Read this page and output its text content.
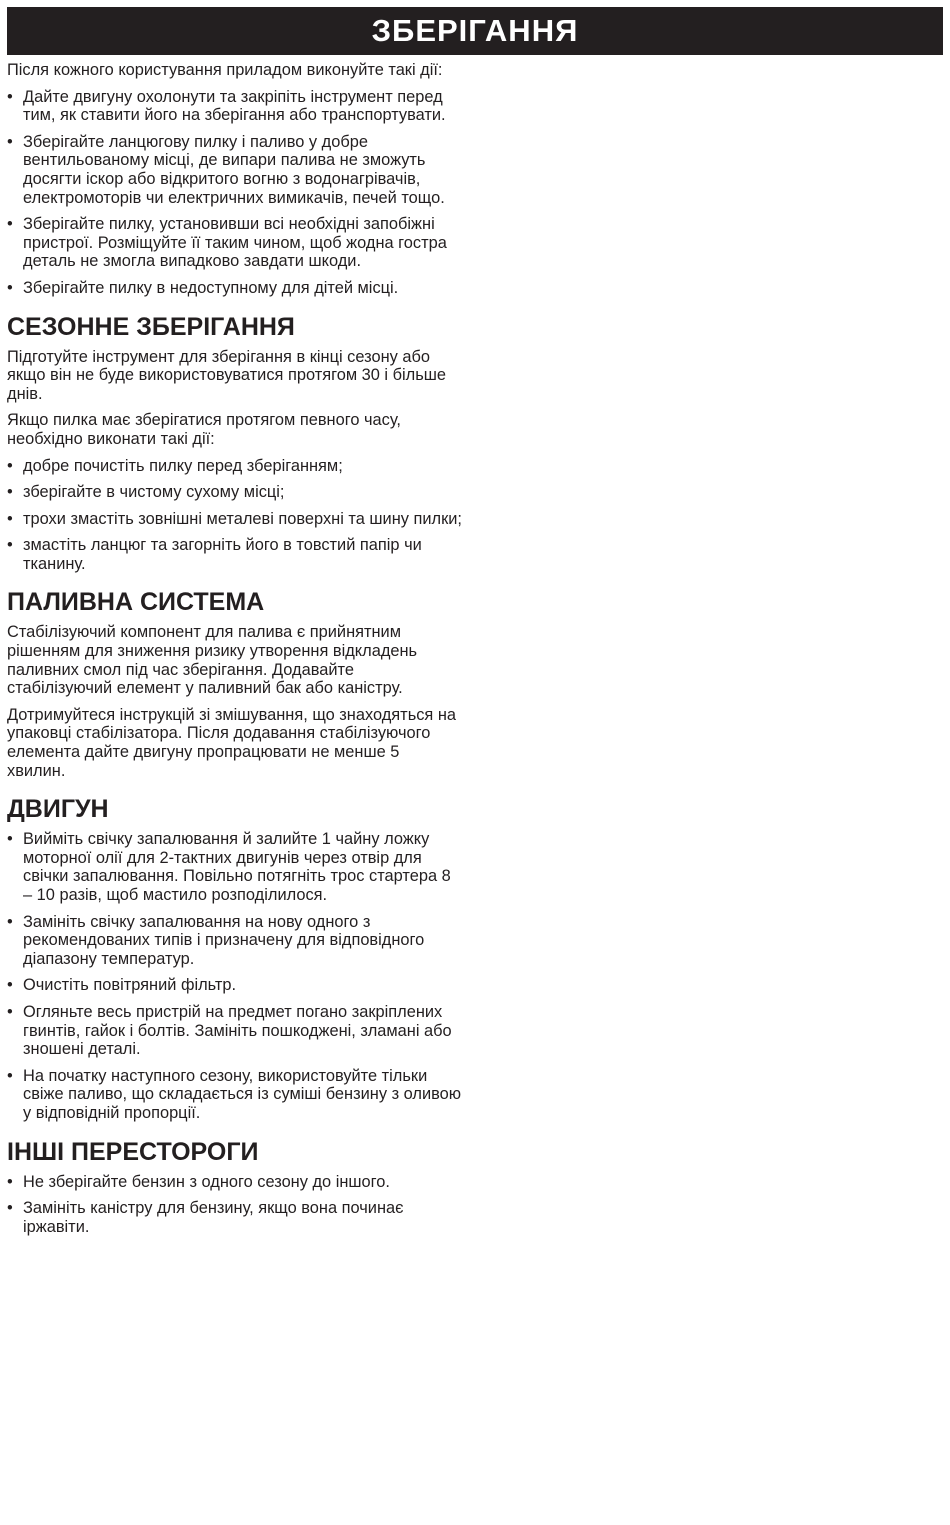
ЗБЕРІГАННЯ

Після кожного користування приладом виконуйте такі дії:

• Дайте двигуну охолонути та закріпіть інструмент перед тим, як ставити його на зберігання або транспортувати.
• Зберігайте ланцюгову пилку і паливо у добре вентильованому місці, де випари палива не зможуть досягти іскор або відкритого вогню з водонагрівачів, електромоторів чи електричних вимикачів, печей тощо.
• Зберігайте пилку, установивши всі необхідні запобіжні пристрої. Розміщуйте її таким чином, щоб жодна гостра деталь не змогла випадково завдати шкоди.
• Зберігайте пилку в недоступному для дітей місці.
СЕЗОННЕ ЗБЕРІГАННЯ

Підготуйте інструмент для зберігання в кінці сезону або якщо він не буде використовуватися протягом 30 і більше днів.

Якщо пилка має зберігатися протягом певного часу, необхідно виконати такі дії:

• добре почистіть пилку перед зберіганням;
• зберігайте в чистому сухому місці;
• трохи змастіть зовнішні металеві поверхні та шину пилки;
• змастіть ланцюг та загорніть його в товстий папір чи тканину.
ПАЛИВНА СИСТЕМА

Стабілізуючий компонент для палива є прийнятним рішенням для зниження ризику утворення відкладень паливних смол під час зберігання. Додавайте стабілізуючий елемент у паливний бак або каністру.

Дотримуйтеся інструкцій зі змішування, що знаходяться на упаковці стабілізатора. Після додавання стабілізуючого елемента дайте двигуну пропрацювати не менше 5 хвилин.

ДВИГУН
• Вийміть свічку запалювання й залийте 1 чайну ложку моторної олії для 2-тактних двигунів через отвір для свічки запалювання. Повільно потягніть трос стартера 8 – 10 разів, щоб мастило розподілилося.
• Замініть свічку запалювання на нову одного з рекомендованих типів і призначену для відповідного діапазону температур.
• Очистіть повітряний фільтр.
• Огляньте весь пристрій на предмет погано закріплених гвинтів, гайок і болтів. Замініть пошкоджені, зламані або зношені деталі.
• На початку наступного сезону, використовуйте тільки свіже паливо, що складається із суміші бензину з оливою у відповідній пропорції.
ІНШІ ПЕРЕСТОРОГИ
• Не зберігайте бензин з одного сезону до іншого.
• Замініть каністру для бензину, якщо вона починає іржавіти.
